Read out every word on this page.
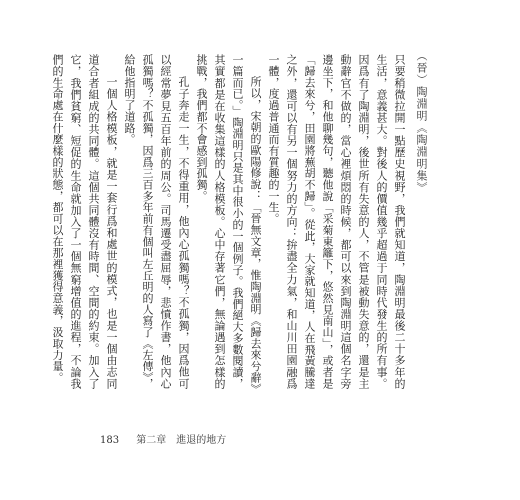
（晉）陶淵明《陶淵明集》

只要稍微拉開一點歷史視野，我們就知道，陶淵明最後二十多年的生活，意義甚大。對後人的價值幾乎超過于同時代發生的所有事。因爲有了陶淵明，後世所有失意的人，不管是被動失意的，還是主動辭官不做的，當心裡煩悶的時候，都可以來到陶淵明這個名字旁邊坐下，和他聊幾句，聽他說「采菊東籬下，悠然見南山」，或者是「歸去來兮，田園將蕪胡不歸」。從此，大家就知道，人在飛黃騰達之外，還可以有另一個努力的方向：拚盡全力氣，和山川田園融爲一體，度過普通而有質趣的一生。

所以，宋朝的歐陽修說：「晉無文章，惟陶淵明《歸去來兮辭》一篇而已。」陶淵明只是其中很小的一個例子。我們絕大多數閱讀，其實都是在收集這樣的人格模板。心中存著它們，無論遇到怎樣的挑戰，我們都不會感到孤獨。

孔子奔走一生，不得重用，他內心孤獨嗎？不孤獨，因爲他可以經常夢見五百年前的周公。司馬遷受盡屈辱，悲憤作書，他內心孤獨嗎？不孤獨，因爲三百多年前有個叫左丘明的人寫了《左傳》，給他指明了道路。

一個人格模板，就是一套行爲和處世的模式，也是一個由志同道合者組成的共同體。這個共同體沒有時間、空間的約束。加入了它，我們貧窮、短促的生命就加入了一個無窮增值的進程，不論我們的生命處在什麼樣的狀態，都可以在那裡獲得意義，汲取力量。

183 第二章　進退的地方
